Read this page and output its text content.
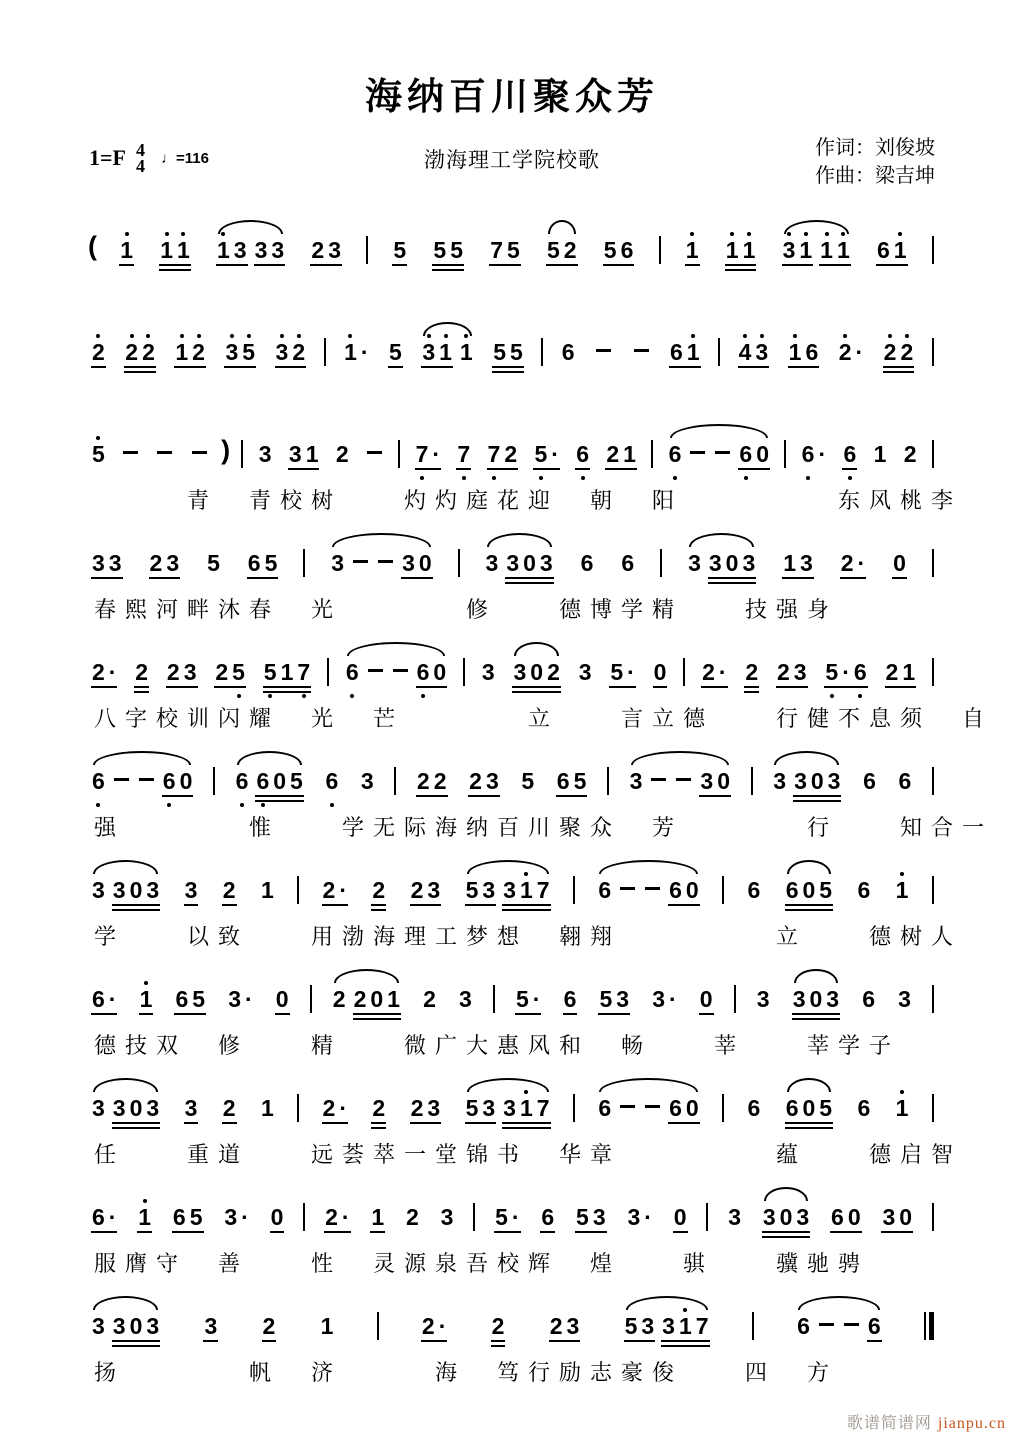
海纳百川聚众芳
1=F 4
4 ♩=116	渤海理工学院校歌	作词：刘俊坡
作曲：梁吉坤
( 1 1 1 1 3 3 3 2 3 5 5 5 7 5 5 2 5 6 1 1 1 3 1 1 1 6 1
2 2 2 1 2 3 5 3 2 1 · 5 3 1 1 5 5 6	6 1 4 3 1 6 2 · 2 2
5	) 3 3 1 2	7 · 7 7 2 5 · 6 2 1 6	6 0 6 · 6 1 2
　　　青　青校树　　灼灼庭花迎　朝　阳　　　　　东风桃李
3 3 2 3 5 6 5 3	3 0 3 3 0 3 6 6 3 3 0 3 1 3 2 · 0
春熙河畔沐春　光　　　　修　　德博学精　　技强身
2 · 2 2 3 2 5 5 1 7 6	6 0 3 3 0 2 3 5 · 0 2 · 2 2 3 5 · 6 2 1
八字校训闪耀　光　芒　　　　立　　言立德　　行健不息须　自
6	6 0 6 6 0 5 6 3 2 2 2 3 5 6 5 3	3 0 3 3 0 3 6 6
强　　　　惟　　学无际海纳百川聚众　芳　　　　行　　知合一
3 3 0 3 3 2 1 2 · 2 2 3 5 3 3 1 7 6	6 0 6 6 0 5 6 1
学　　以致　　用渤海理工梦想　翱翔　　　　　立　　德树人
6 · 1 6 5 3 · 0 2 2 0 1 2 3 5 · 6 5 3 3 · 0 3 3 0 3 6 3
德技双　修　　精　　微广大惠风和　畅　　莘　　莘学子
3 3 0 3 3 2 1 2 · 2 2 3 5 3 3 1 7 6	6 0 6 6 0 5 6 1
任　　重道　　远荟萃一堂锦书　华章　　　　　蕴　　德启智
6 · 1 6 5 3 · 0 2 · 1 2 3 5 · 6 5 3 3 · 0 3 3 0 3 6 0 3 0
服膺守　善　　性　灵源泉吾校辉　煌　　骐　　骥驰骋
3 3 0 3 3 2 1	2 · 2 2 3 5 3 3 1 7	6	6
扬　　　　帆　济　　　海　笃行励志豪俊　　四　方
歌谱简谱网 jianpu.cn
